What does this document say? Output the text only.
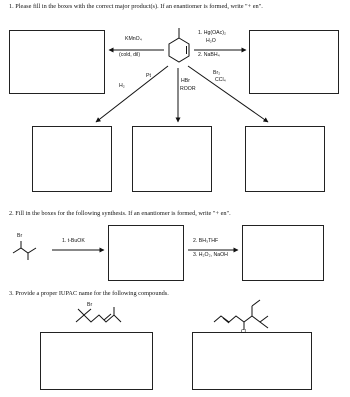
1. Please fill in the boxes with the correct major product(s). If an enantiomer is formed, write "+ en".
2. Fill in the boxes for the following synthesis. If an enantiomer is formed, write "+ en".
3. Provide a proper IUPAC name for the following compounds.
KMnO₄
(cold, dil)
1. Hg(OAc)₂
H₂O
2. NaBH₄
H₂
Pt
HBr
ROOR
Br₂
CCl₄
Br
1. t-BuOK	2. BH₃THF
3. H₂O₂, NaOH
Br
Cl
